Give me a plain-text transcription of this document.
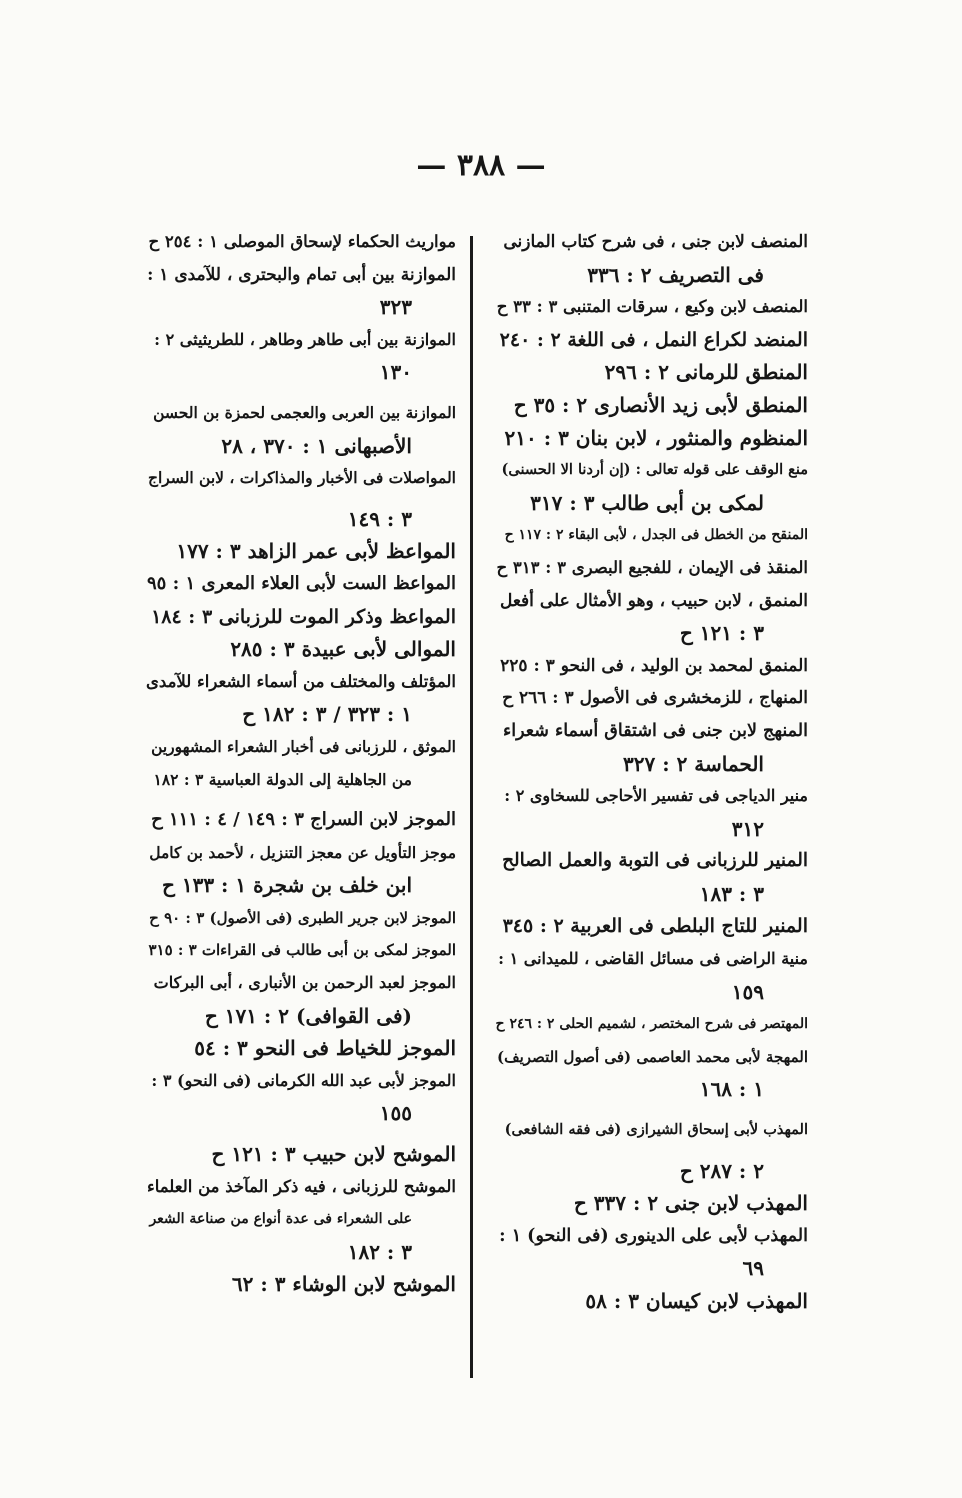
— ٣٨٨ —

المنصف لابن جنى ، فى شرح كتاب المازنى

فى التصريف ٢ : ٣٣٦

المنصف لابن وكيع ، سرقات المتنبى ٣ : ٣٣ ح

المنضد لكراع النمل ، فى اللغة ٢ : ٢٤٠

المنطق للرمانى ٢ : ٢٩٦

المنطق لأبى زيد الأنصارى ٢ : ٣٥ ح

المنظوم والمنثور ، لابن بنان ٣ : ٢١٠

منع الوقف على قوله تعالى : (إن أردنا الا الحسنى)

لمكى بن أبى طالب ٣ : ٣١٧

المنقح من الخطل فى الجدل ، لأبى البقاء ٢ : ١١٧ ح

المنقذ فى الإيمان ، للفجيع البصرى ٣ : ٣١٣ ح

المنمق ، لابن حبيب ، وهو الأمثال على أفعل

٣ : ١٢١ ح

المنمق لمحمد بن الوليد ، فى النحو ٣ : ٢٢٥

المنهاج ، للزمخشرى فى الأصول ٣ : ٢٦٦ ح

المنهج لابن جنى فى اشتقاق أسماء شعراء

الحماسة ٢ : ٣٢٧

منير الدياجى فى تفسير الأحاجى للسخاوى ٢ :

٣١٢

المنير للرزبانى فى التوبة والعمل الصالح

٣ : ١٨٣

المنير للتاج البلطى فى العربية ٢ : ٣٤٥

منية الراضى فى مسائل القاضى ، للميدانى ١ :

١٥٩

المهتصر فى شرح المختصر ، لشميم الحلى ٢ : ٢٤٦ ح

المهجة لأبى محمد العاصمى (فى أصول التصريف)

١ : ١٦٨

المهذب لأبى إسحاق الشيرازى (فى فقه الشافعى)

٢ : ٢٨٧ ح

المهذب لابن جنى ٢ : ٣٣٧ ح

المهذب لأبى على الدينورى (فى النحو) ١ :

٦٩

المهذب لابن كيسان ٣ : ٥٨

مواريث الحكماء لإسحاق الموصلى ١ : ٢٥٤ ح

الموازنة بين أبى تمام والبحترى ، للآمدى ١ :

٣٢٣

الموازنة بين أبى طاهر وطاهر ، للطريثيثى ٢ :

١٣٠

الموازنة بين العربى والعجمى لحمزة بن الحسن

الأصبهانى ١ : ٣٧٠ ، ٢٨

المواصلات فى الأخبار والمذاكرات ، لابن السراج

٣ : ١٤٩

المواعظ لأبى عمر الزاهد ٣ : ١٧٧

المواعظ الست لأبى العلاء المعرى ١ : ٩٥

المواعظ وذكر الموت للرزبانى ٣ : ١٨٤

الموالى لأبى عبيدة ٣ : ٢٨٥

المؤتلف والمختلف من أسماء الشعراء للآمدى

١ : ٣٢٣ / ٣ : ١٨٢ ح

الموثق ، للرزبانى فى أخبار الشعراء المشهورين

من الجاهلية إلى الدولة العباسية ٣ : ١٨٢

الموجز لابن السراج ٣ : ١٤٩ / ٤ : ١١١ ح

موجز التأويل عن معجز التنزيل ، لأحمد بن كامل

ابن خلف بن شجرة ١ : ١٣٣ ح

الموجز لابن جرير الطبرى (فى الأصول) ٣ : ٩٠ ح

الموجز لمكى بن أبى طالب فى القراءات ٣ : ٣١٥

الموجز لعبد الرحمن بن الأنبارى ، أبى البركات

(فى القوافى) ٢ : ١٧١ ح

الموجز للخياط فى النحو ٣ : ٥٤

الموجز لأبى عبد الله الكرمانى (فى النحو) ٣ :

١٥٥

الموشح لابن حبيب ٣ : ١٢١ ح

الموشح للرزبانى ، فيه ذكر المآخذ من العلماء

على الشعراء فى عدة أنواع من صناعة الشعر

٣ : ١٨٢

الموشح لابن الوشاء ٣ : ٦٢
